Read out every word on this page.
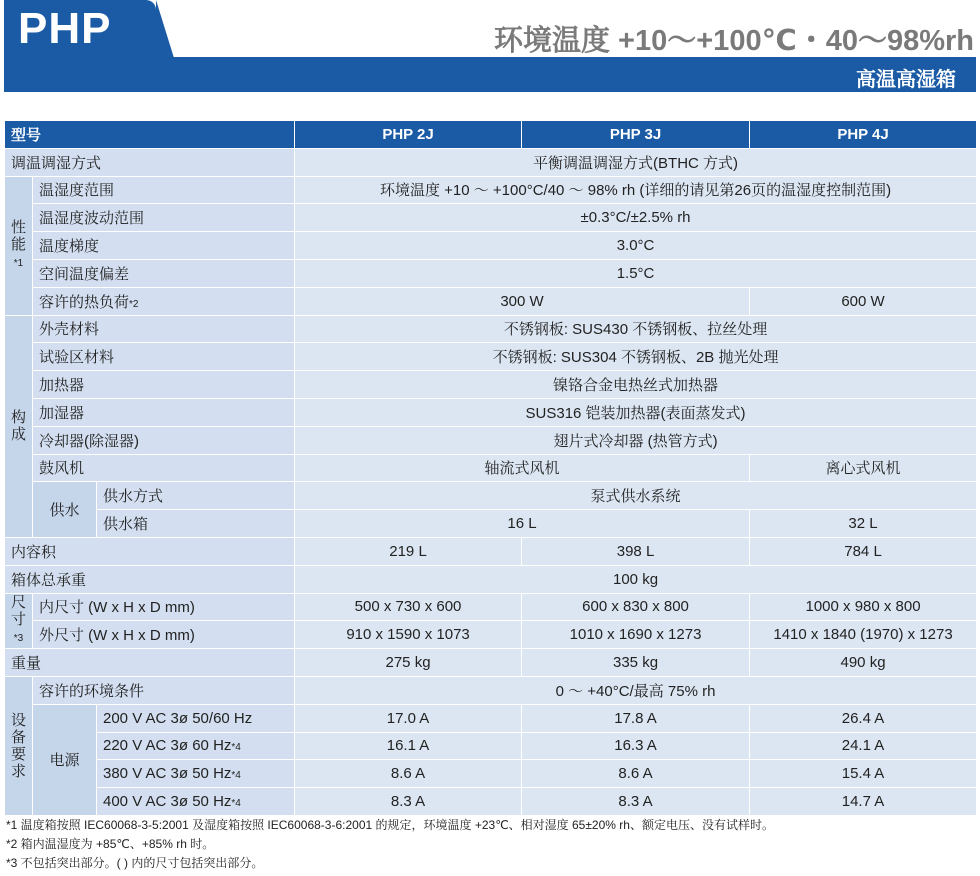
PHP	环境温度 +10～+100℃・40～98%rh
高温高湿箱
型号			PHP 2J	PHP 3J	PHP 4J
调温调湿方式			平衡调温调湿方式(BTHC 方式)		
性能
*1	温湿度范围		环境温度 +10 ～ +100°C/40 ～ 98% rh (详细的请见第26页的温湿度控制范围)		
	温湿度波动范围		±0.3°C/±2.5% rh		
	温度梯度		3.0°C		
	空间温度偏差		1.5°C		
	容许的热负荷*2		300 W		600 W
构成	外壳材料		不锈钢板: SUS430 不锈钢板、拉丝处理		
	试验区材料		不锈钢板: SUS304 不锈钢板、2B 抛光处理		
	加热器		镍铬合金电热丝式加热器		
	加湿器		SUS316 铠装加热器(表面蒸发式)		
	冷却器(除湿器)		翅片式冷却器 (热管方式)		
	鼓风机		轴流式风机		离心式风机
	供水	供水方式	泵式供水系统		
		供水箱	16 L		32 L
内容积			219 L	398 L	784 L
箱体总承重			100 kg		
尺寸
*3	内尺寸 (W x H x D mm)		500 x 730 x 600	600 x 830 x 800	1000 x 980 x 800
	外尺寸 (W x H x D mm)		910 x 1590 x 1073	1010 x 1690 x 1273	1410 x 1840 (1970) x 1273
重量			275 kg	335 kg	490 kg
设备要求	容许的环境条件		0 ～ +40°C/最高 75% rh		
	电源	200 V AC 3ø 50/60 Hz	17.0 A	17.8 A	26.4 A
		220 V AC 3ø 60 Hz*4	16.1 A	16.3 A	24.1 A
		380 V AC 3ø 50 Hz*4	8.6 A	8.6 A	15.4 A
		400 V AC 3ø 50 Hz*4	8.3 A	8.3 A	14.7 A
*1 温度箱按照 IEC60068-3-5:2001 及湿度箱按照 IEC60068-3-6:2001 的规定，环境温度 +23℃、相对湿度 65±20% rh、额定电压、没有试样时。
*2 箱内温湿度为 +85℃、+85% rh 时。
*3 不包括突出部分。( ) 内的尺寸包括突出部分。
